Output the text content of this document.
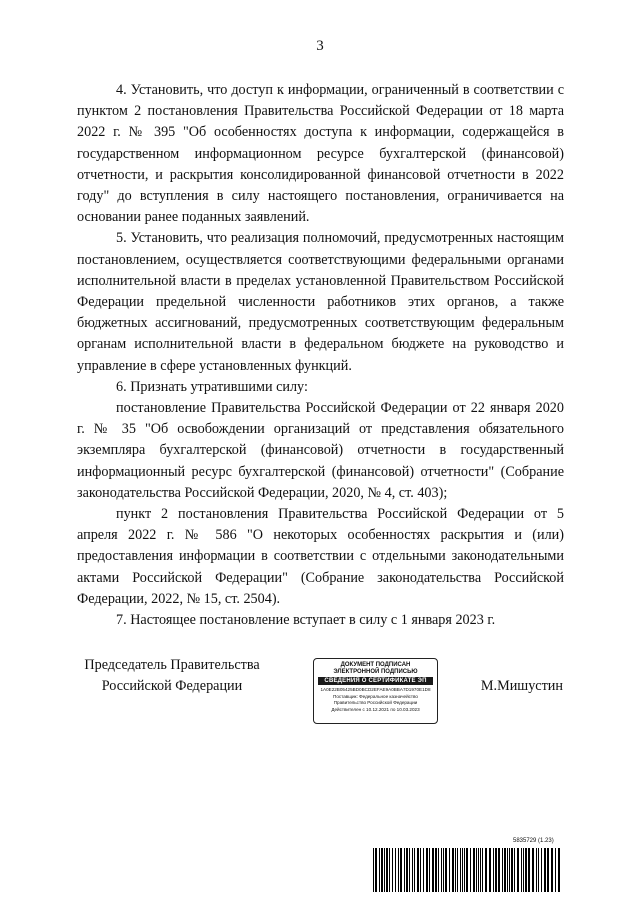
3

4. Установить, что доступ к информации, ограниченный в соответствии с пунктом 2 постановления Правительства Российской Федерации от 18 марта 2022 г. № 395 "Об особенностях доступа к информации, содержащейся в государственном информационном ресурсе бухгалтерской (финансовой) отчетности, и раскрытия консолидированной финансовой отчетности в 2022 году" до вступления в силу настоящего постановления, ограничивается на основании ранее поданных заявлений.

5. Установить, что реализация полномочий, предусмотренных настоящим постановлением, осуществляется соответствующими федеральными органами исполнительной власти в пределах установленной Правительством Российской Федерации предельной численности работников этих органов, а также бюджетных ассигнований, предусмотренных соответствующим федеральным органам исполнительной власти в федеральном бюджете на руководство и управление в сфере установленных функций.

6. Признать утратившими силу:

постановление Правительства Российской Федерации от 22 января 2020 г. № 35 "Об освобождении организаций от представления обязательного экземпляра бухгалтерской (финансовой) отчетности в государственный информационный ресурс бухгалтерской (финансовой) отчетности" (Собрание законодательства Российской Федерации, 2020, № 4, ст. 403);

пункт 2 постановления Правительства Российской Федерации от 5 апреля 2022 г. № 586 "О некоторых особенностях раскрытия и (или) предоставления информации в соответствии с отдельными законодательными актами Российской Федерации" (Собрание законодательства Российской Федерации, 2022, № 15, ст. 2504).

7. Настоящее постановление вступает в силу с 1 января 2023 г.

Председатель Правительства
Российской Федерации
ДОКУМЕНТ ПОДПИСАН
ЭЛЕКТРОННОЙ ПОДПИСЬЮ
СВЕДЕНИЯ О СЕРТИФИКАТЕ ЭП
1A0E22B05425BD0BCD2EFAE9A0BBA7D1970E1D8
Поставщик: Федеральное казначейство
Правительство Российской Федерации
Действителен с 10.12.2021 по 10.03.2023
М.Мишустин
5835729 (1.23)
